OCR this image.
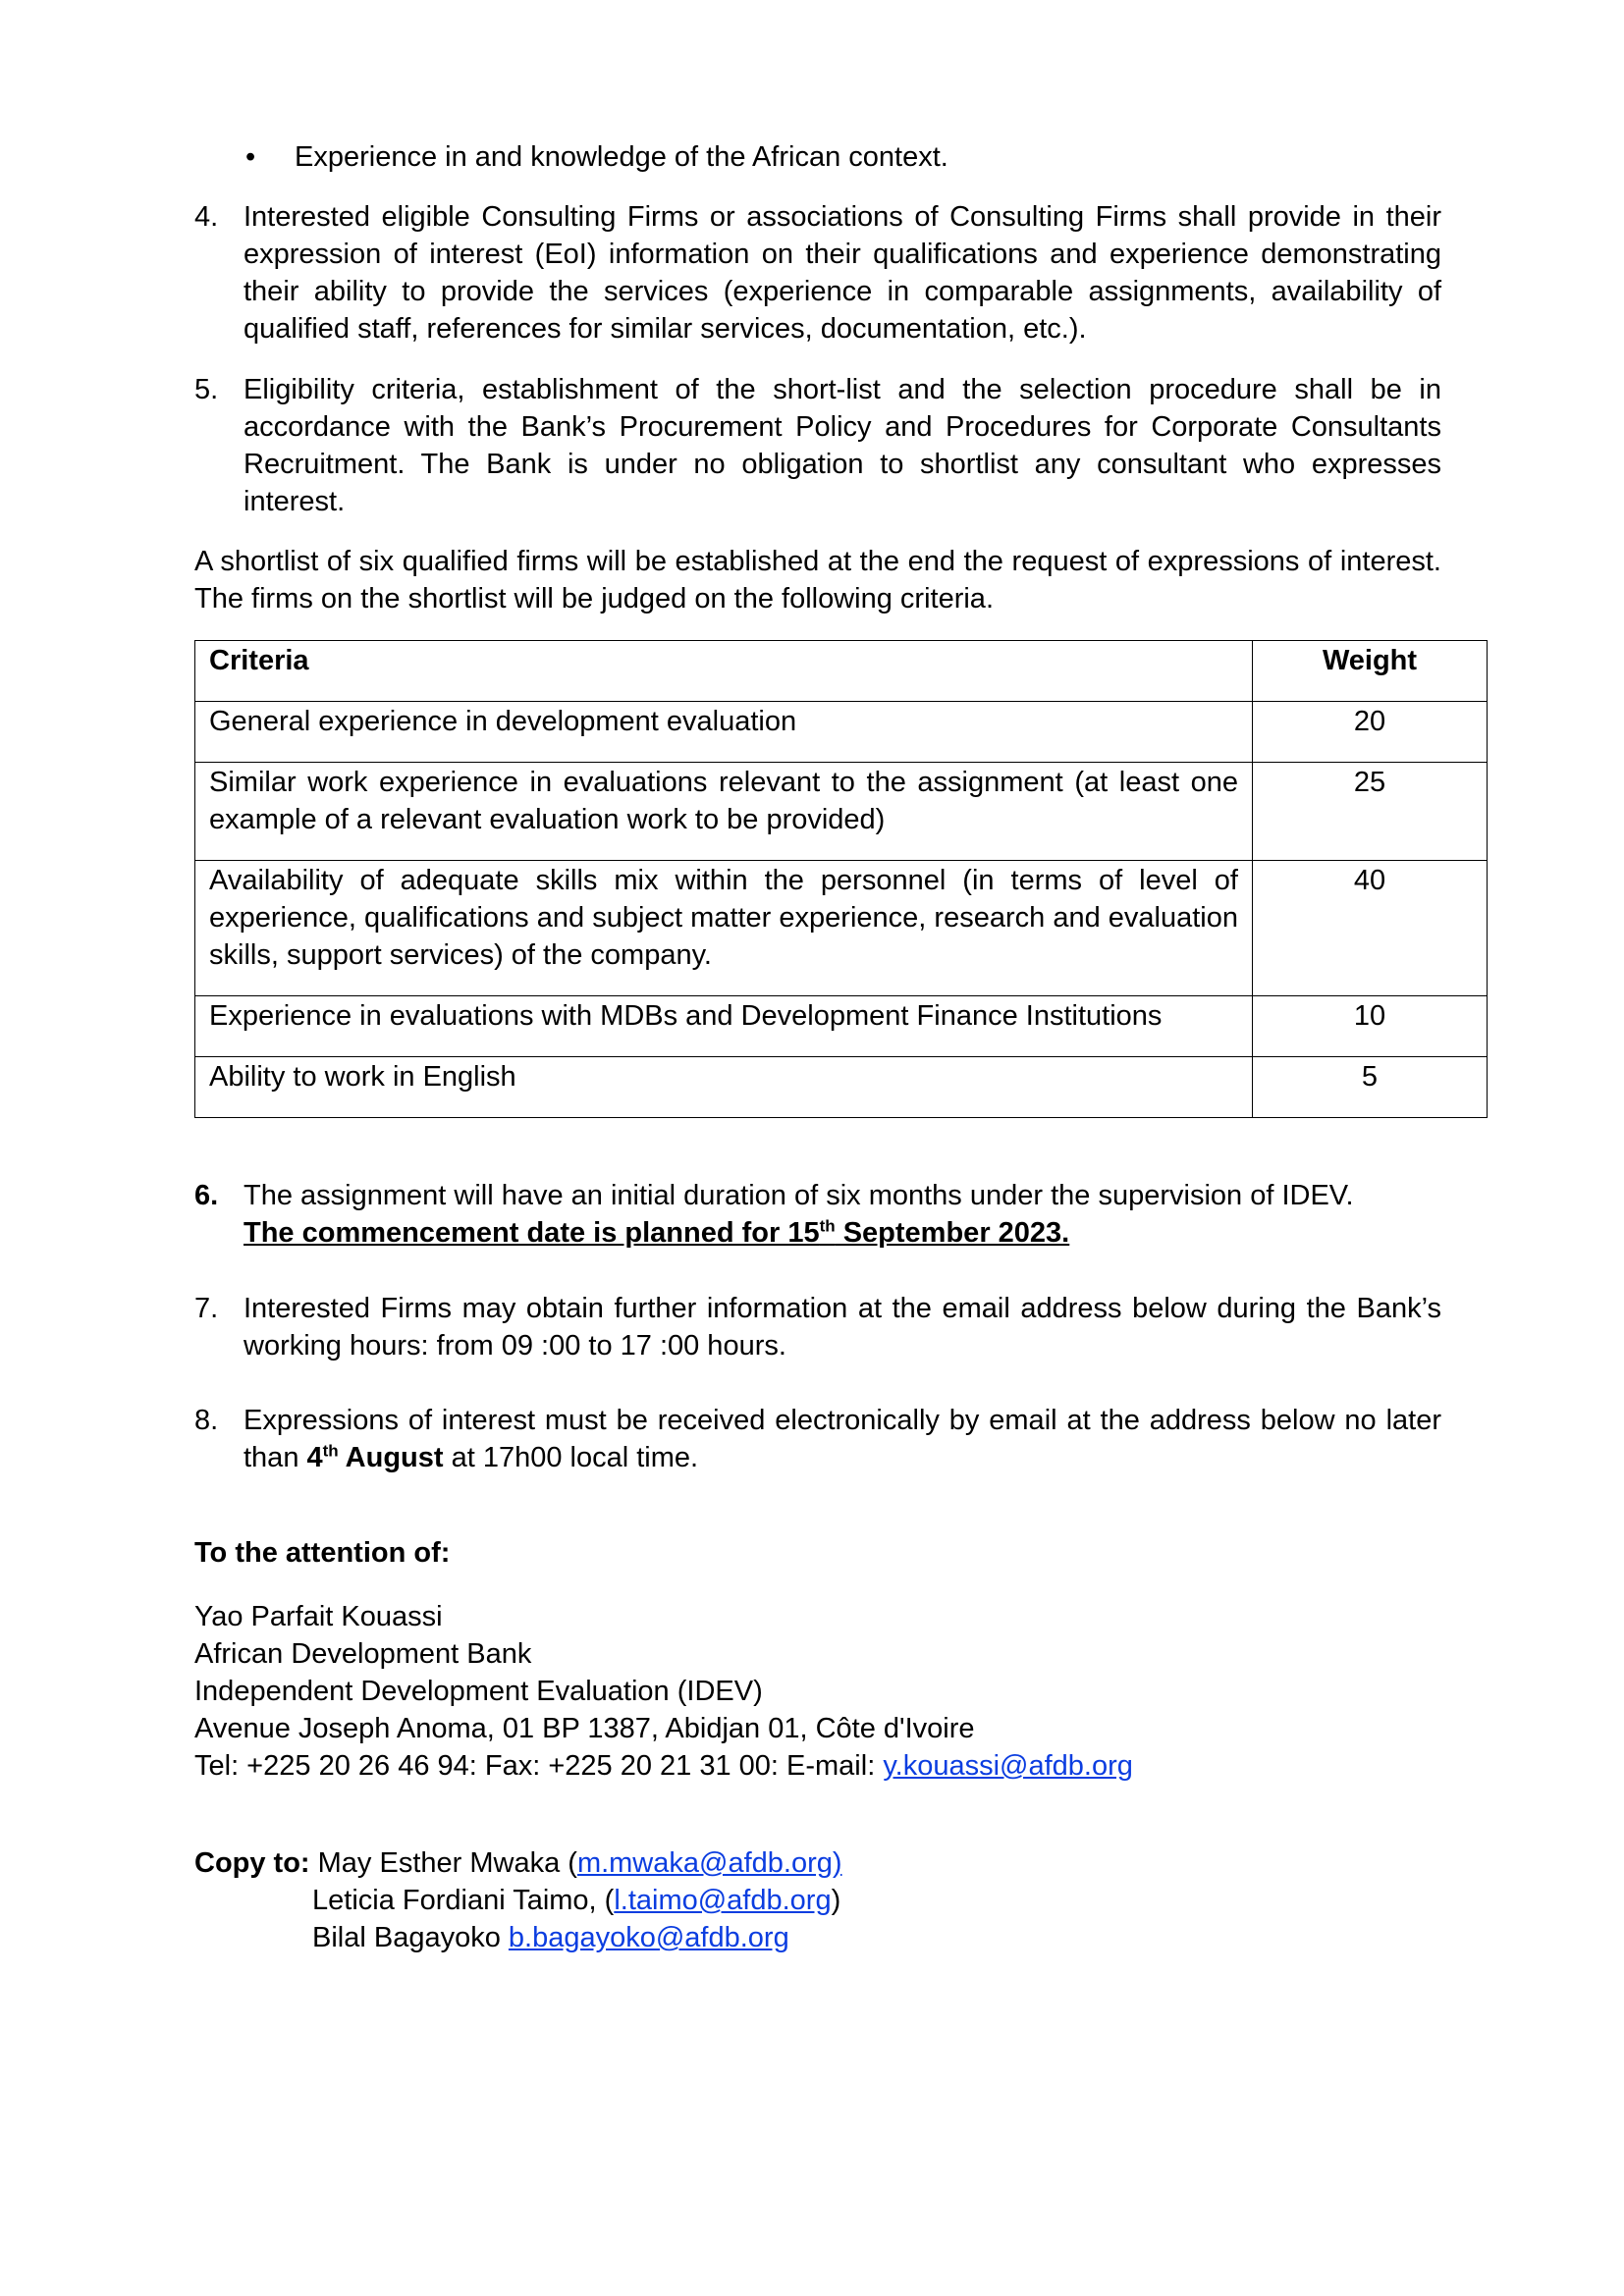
• Experience in and knowledge of the African context.
4. Interested eligible Consulting Firms or associations of Consulting Firms shall provide in their expression of interest (EoI) information on their qualifications and experience demonstrating their ability to provide the services (experience in comparable assignments, availability of qualified staff, references for similar services, documentation, etc.).
5. Eligibility criteria, establishment of the short-list and the selection procedure shall be in accordance with the Bank’s Procurement Policy and Procedures for Corporate Consultants Recruitment. The Bank is under no obligation to shortlist any consultant who expresses interest.
A shortlist of six qualified firms will be established at the end the request of expressions of interest. The firms on the shortlist will be judged on the following criteria.
Criteria	Weight
General experience in development evaluation	20
Similar work experience in evaluations relevant to the assignment (at least one example of a relevant evaluation work to be provided)	25
Availability of adequate skills mix within the personnel (in terms of level of experience, qualifications and subject matter experience, research and evaluation skills, support services) of the company.	40
Experience in evaluations with MDBs and Development Finance Institutions	10
Ability to work in English	5
6. The assignment will have an initial duration of six months under the supervision of IDEV.
The commencement date is planned for 15th September 2023.
7. Interested Firms may obtain further information at the email address below during the Bank’s working hours: from 09 :00 to 17 :00 hours.
8. Expressions of interest must be received electronically by email at the address below no later than 4th August at 17h00 local time.
To the attention of:
Yao Parfait Kouassi
African Development Bank
Independent Development Evaluation (IDEV)
Avenue Joseph Anoma, 01 BP 1387, Abidjan 01, Côte d'Ivoire
Tel: +225 20 26 46 94: Fax: +225 20 21 31 00: E-mail: y.kouassi@afdb.org
Copy to: May Esther Mwaka (m.mwaka@afdb.org)
Leticia Fordiani Taimo, (l.taimo@afdb.org)
Bilal Bagayoko b.bagayoko@afdb.org
